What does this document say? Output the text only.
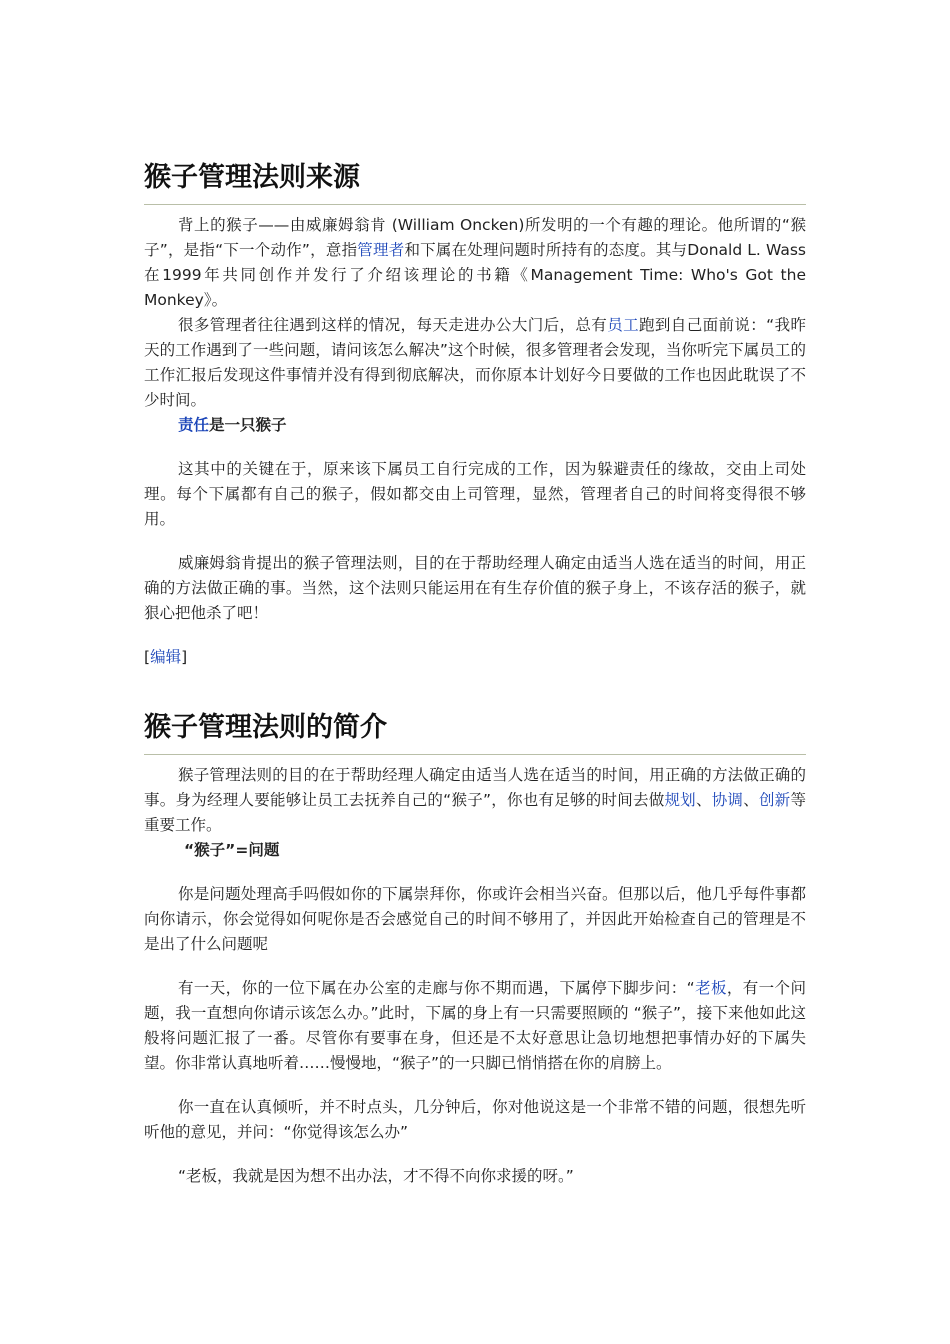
猴子管理法则来源

背上的猴子——由威廉姆翁肯 (William Oncken)所发明的一个有趣的理论。他所谓的“猴子”，是指“下一个动作”，意指管理者和下属在处理问题时所持有的态度。其与Donald L. Wass在1999年共同创作并发行了介绍该理论的书籍《Management Time: Who's Got the Monkey》。

很多管理者往往遇到这样的情况，每天走进办公大门后，总有员工跑到自己面前说：“我昨天的工作遇到了一些问题，请问该怎么解决”这个时候，很多管理者会发现，当你听完下属员工的工作汇报后发现这件事情并没有得到彻底解决，而你原本计划好今日要做的工作也因此耽误了不少时间。

责任是一只猴子

这其中的关键在于，原来该下属员工自行完成的工作，因为躲避责任的缘故，交由上司处理。每个下属都有自己的猴子，假如都交由上司管理，显然，管理者自己的时间将变得很不够用。

威廉姆翁肯提出的猴子管理法则，目的在于帮助经理人确定由适当人选在适当的时间，用正确的方法做正确的事。当然，这个法则只能运用在有生存价值的猴子身上，不该存活的猴子，就狠心把他杀了吧！

[编辑]

猴子管理法则的简介

猴子管理法则的目的在于帮助经理人确定由适当人选在适当的时间，用正确的方法做正确的事。身为经理人要能够让员工去抚养自己的“猴子”，你也有足够的时间去做规划、协调、创新等重要工作。

“猴子”=问题

你是问题处理高手吗假如你的下属崇拜你，你或许会相当兴奋。但那以后，他几乎每件事都向你请示，你会觉得如何呢你是否会感觉自己的时间不够用了，并因此开始检查自己的管理是不是出了什么问题呢

有一天，你的一位下属在办公室的走廊与你不期而遇，下属停下脚步问：“老板，有一个问题，我一直想向你请示该怎么办。”此时，下属的身上有一只需要照顾的 “猴子”，接下来他如此这般将问题汇报了一番。尽管你有要事在身，但还是不太好意思让急切地想把事情办好的下属失望。你非常认真地听着……慢慢地，“猴子”的一只脚已悄悄搭在你的肩膀上。

你一直在认真倾听，并不时点头，几分钟后，你对他说这是一个非常不错的问题，很想先听听他的意见，并问：“你觉得该怎么办”

“老板，我就是因为想不出办法，才不得不向你求援的呀。”
